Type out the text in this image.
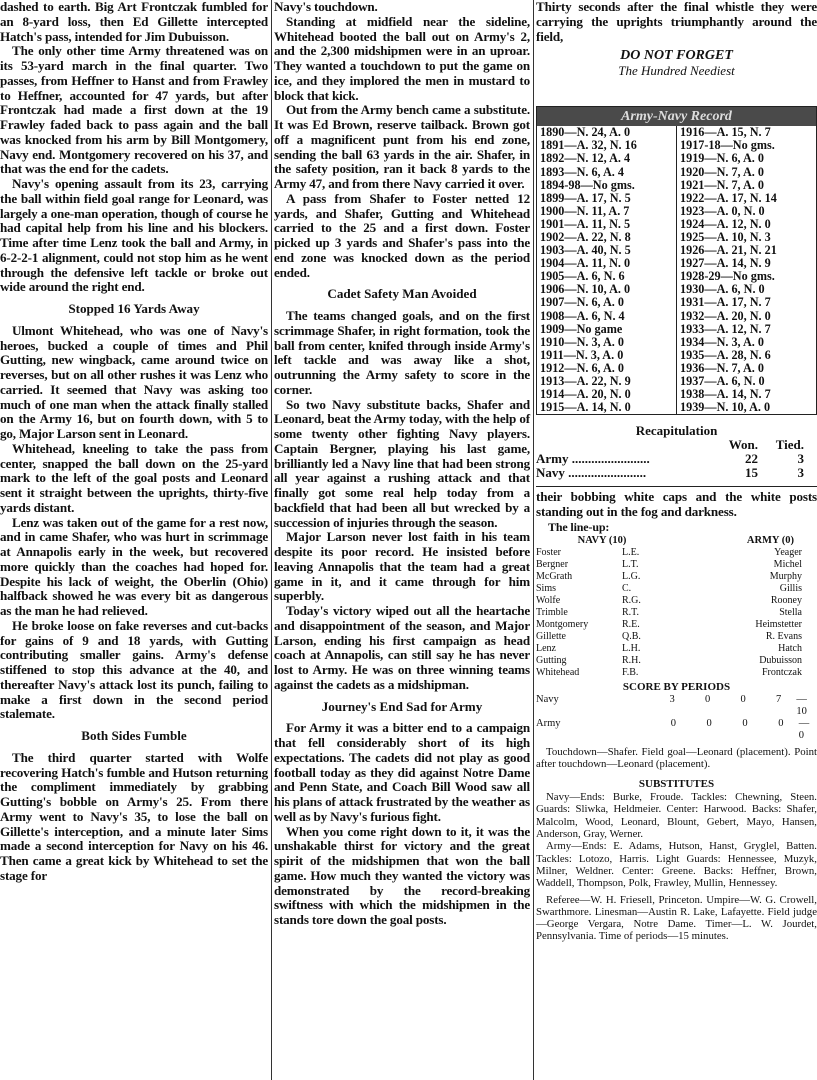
dashed to earth. Big Art Frontczak fumbled for an 8-yard loss, then Ed Gillette intercepted Hatch's pass, intended for Jim Dubuisson.

The only other time Army threatened was on its 53-yard march in the final quarter. Two passes, from Heffner to Hanst and from Frawley to Heffner, accounted for 47 yards, but after Frontczak had made a first down at the 19 Frawley faded back to pass again and the ball was knocked from his arm by Bill Montgomery, Navy end. Montgomery recovered on his 37, and that was the end for the cadets.

Navy's opening assault from its 23, carrying the ball within field goal range for Leonard, was largely a one-man operation, though of course he had capital help from his line and his blockers. Time after time Lenz took the ball and Army, in 6-2-2-1 alignment, could not stop him as he went through the defensive left tackle or broke out wide around the right end.

Stopped 16 Yards Away

Ulmont Whitehead, who was one of Navy's heroes, bucked a couple of times and Phil Gutting, new wingback, came around twice on reverses, but on all other rushes it was Lenz who carried. It seemed that Navy was asking too much of one man when the attack finally stalled on the Army 16, but on fourth down, with 5 to go, Major Larson sent in Leonard.

Whitehead, kneeling to take the pass from center, snapped the ball down on the 25-yard mark to the left of the goal posts and Leonard sent it straight between the uprights, thirty-five yards distant.

Lenz was taken out of the game for a rest now, and in came Shafer, who was hurt in scrimmage at Annapolis early in the week, but recovered more quickly than the coaches had hoped for. Despite his lack of weight, the Oberlin (Ohio) halfback showed he was every bit as dangerous as the man he had relieved.

He broke loose on fake reverses and cut-backs for gains of 9 and 18 yards, with Gutting contributing smaller gains. Army's defense stiffened to stop this advance at the 40, and thereafter Navy's attack lost its punch, failing to make a first down in the second period stalemate.

Both Sides Fumble

The third quarter started with Wolfe recovering Hatch's fumble and Hutson returning the compliment immediately by grabbing Gutting's bobble on Army's 25. From there Army went to Navy's 35, to lose the ball on Gillette's interception, and a minute later Sims made a second interception for Navy on his 46. Then came a great kick by Whitehead to set the stage for

Navy's touchdown.

Standing at midfield near the sideline, Whitehead booted the ball out on Army's 2, and the 2,300 midshipmen were in an uproar. They wanted a touchdown to put the game on ice, and they implored the men in mustard to block that kick.

Out from the Army bench came a substitute. It was Ed Brown, reserve tailback. Brown got off a magnificent punt from his end zone, sending the ball 63 yards in the air. Shafer, in the safety position, ran it back 8 yards to the Army 47, and from there Navy carried it over.

A pass from Shafer to Foster netted 12 yards, and Shafer, Gutting and Whitehead carried to the 25 and a first down. Foster picked up 3 yards and Shafer's pass into the end zone was knocked down as the period ended.

Cadet Safety Man Avoided

The teams changed goals, and on the first scrimmage Shafer, in right formation, took the ball from center, knifed through inside Army's left tackle and was away like a shot, outrunning the Army safety to score in the corner.

So two Navy substitute backs, Shafer and Leonard, beat the Army today, with the help of some twenty other fighting Navy players. Captain Bergner, playing his last game, brilliantly led a Navy line that had been strong all year against a rushing attack and that finally got some real help today from a backfield that had been all but wrecked by a succession of injuries through the season.

Major Larson never lost faith in his team despite its poor record. He insisted before leaving Annapolis that the team had a great game in it, and it came through for him superbly.

Today's victory wiped out all the heartache and disappointment of the season, and Major Larson, ending his first campaign as head coach at Annapolis, can still say he has never lost to Army. He was on three winning teams against the cadets as a midshipman.

Journey's End Sad for Army

For Army it was a bitter end to a campaign that fell considerably short of its high expectations. The cadets did not play as good football today as they did against Notre Dame and Penn State, and Coach Bill Wood saw all his plans of attack frustrated by the weather as well as by Navy's furious fight.

When you come right down to it, it was the unshakable thirst for victory and the great spirit of the midshipmen that won the ball game. How much they wanted the victory was demonstrated by the record-breaking swiftness with which the midshipmen in the stands tore down the goal posts.

Thirty seconds after the final whistle they were carrying the uprights triumphantly around the field,

DO NOT FORGET
The Hundred Neediest
Army-Navy Record
1890—N. 24, A. 0	1916—A. 15, N. 7
1891—A. 32, N. 16	1917-18—No gms.
1892—N. 12, A. 4	1919—N. 6, A. 0
1893—N. 6, A. 4	1920—N. 7, A. 0
1894-98—No gms.	1921—N. 7, A. 0
1899—A. 17, N. 5	1922—A. 17, N. 14
1900—N. 11, A. 7	1923—A. 0, N. 0
1901—A. 11, N. 5	1924—A. 12, N. 0
1902—A. 22, N. 8	1925—A. 10, N. 3
1903—A. 40, N. 5	1926—A. 21, N. 21
1904—A. 11, N. 0	1927—A. 14, N. 9
1905—A. 6, N. 6	1928-29—No gms.
1906—N. 10, A. 0	1930—A. 6, N. 0
1907—N. 6, A. 0	1931—A. 17, N. 7
1908—A. 6, N. 4	1932—A. 20, N. 0
1909—No game	1933—A. 12, N. 7
1910—N. 3, A. 0	1934—N. 3, A. 0
1911—N. 3, A. 0	1935—A. 28, N. 6
1912—N. 6, A. 0	1936—N. 7, A. 0
1913—A. 22, N. 9	1937—A. 6, N. 0
1914—A. 20, N. 0	1938—A. 14, N. 7
1915—A. 14, N. 0	1939—N. 10, A. 0
Recapitulation
Won.	Tied.
Army ........................	22	3
Navy ........................	15	3

their bobbing white caps and the white posts standing out in the fog and darkness.

The line-up:

NAVY (10)	ARMY (0)
Foster	L.E.	Yeager
Bergner	L.T.	Michel
McGrath	L.G.	Murphy
Sims	C.	Gillis
Wolfe	R.G.	Rooney
Trimble	R.T.	Stella
Montgomery	R.E.	Heimstetter
Gillette	Q.B.	R. Evans
Lenz	L.H.	Hatch
Gutting	R.H.	Dubuisson
Whitehead	F.B.	Frontczak
SCORE BY PERIODS
Navy	3	0	0	7	—10
Army	0	0	0	0	— 0

Touchdown—Shafer. Field goal—Leonard (placement). Point after touchdown—Leonard (placement).

SUBSTITUTES

Navy—Ends: Burke, Froude. Tackles: Chewning, Steen. Guards: Sliwka, Heldmeier. Center: Harwood. Backs: Shafer, Malcolm, Wood, Leonard, Blount, Gebert, Mayo, Hansen, Anderson, Gray, Werner.

Army—Ends: E. Adams, Hutson, Hanst, Gryglel, Batten. Tackles: Lotozo, Harris. Light Guards: Hennessee, Muzyk, Milner, Weldner. Center: Greene. Backs: Heffner, Brown, Waddell, Thompson, Polk, Frawley, Mullin, Hennessey.

Referee—W. H. Friesell, Princeton. Umpire—W. G. Crowell, Swarthmore. Linesman—Austin R. Lake, Lafayette. Field judge—George Vergara, Notre Dame. Timer—L. W. Jourdet, Pennsylvania. Time of periods—15 minutes.
